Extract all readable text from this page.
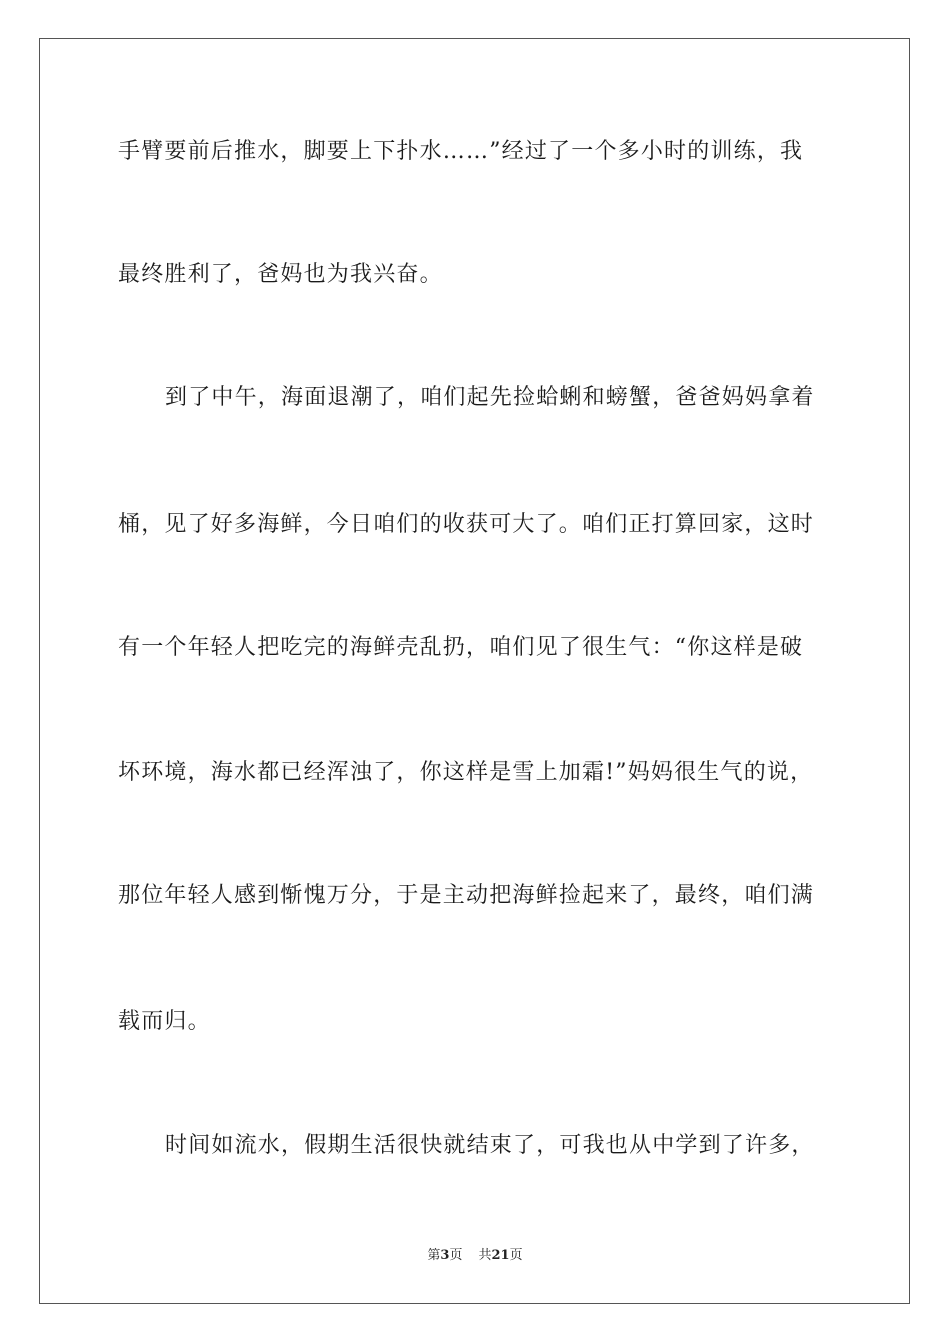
手臂要前后推水，脚要上下扑水……”经过了一个多小时的训练，我
最终胜利了，爸妈也为我兴奋。
到了中午，海面退潮了，咱们起先捡蛤蜊和螃蟹，爸爸妈妈拿着
桶，见了好多海鲜，今日咱们的收获可大了。咱们正打算回家，这时
有一个年轻人把吃完的海鲜壳乱扔，咱们见了很生气：“你这样是破
坏环境，海水都已经浑浊了，你这样是雪上加霜!”妈妈很生气的说，
那位年轻人感到惭愧万分，于是主动把海鲜捡起来了，最终，咱们满
载而归。
时间如流水，假期生活很快就结束了，可我也从中学到了许多，
第3页 共21页
